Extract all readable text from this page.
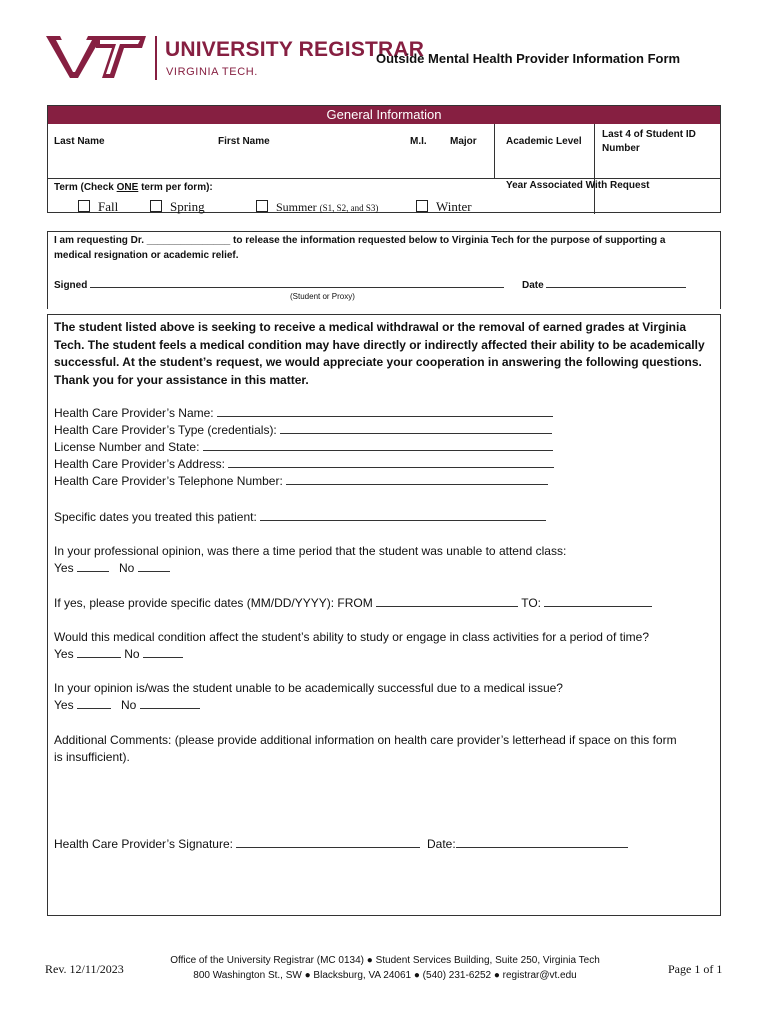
UNIVERSITY REGISTRAR
VIRGINIA TECH.
Outside Mental Health Provider Information Form
General Information
Last Name	First Name	M.I. Major	Academic Level
Last 4 of Student ID
Number
Term (Check ONE term per form):	Year Associated With Request
Fall	Spring	Summer (S1, S2, and S3)	Winter
I am requesting Dr. _______________ to release the information requested below to Virginia Tech for the purpose of supporting a
medical resignation or academic relief.
Signed	Date
(Student or Proxy)
The student listed above is seeking to receive a medical withdrawal or the removal of earned grades at Virginia Tech. The student feels a medical condition may have directly or indirectly affected their ability to be academically successful. At the student’s request, we would appreciate your cooperation in answering the following questions. Thank you for your assistance in this matter.
Health Care Provider’s Name:
Health Care Provider’s Type (credentials):
License Number and State:
Health Care Provider’s Address:
Health Care Provider’s Telephone Number:
Specific dates you treated this patient:
In your professional opinion, was there a time period that the student was unable to attend class:
Yes	No
If yes, please provide specific dates (MM/DD/YYYY): FROM	TO:
Would this medical condition affect the student’s ability to study or engage in class activities for a period of time?
Yes	No
In your opinion is/was the student unable to be academically successful due to a medical issue?
Yes	No
Additional Comments: (please provide additional information on health care provider’s letterhead if space on this form
is insufficient).
Health Care Provider’s Signature:	Date:
Rev. 12/11/2023
Office of the University Registrar (MC 0134) ● Student Services Building, Suite 250, Virginia Tech
800 Washington St., SW ● Blacksburg, VA 24061 ● (540) 231-6252 ● registrar@vt.edu	Page 1 of 1
